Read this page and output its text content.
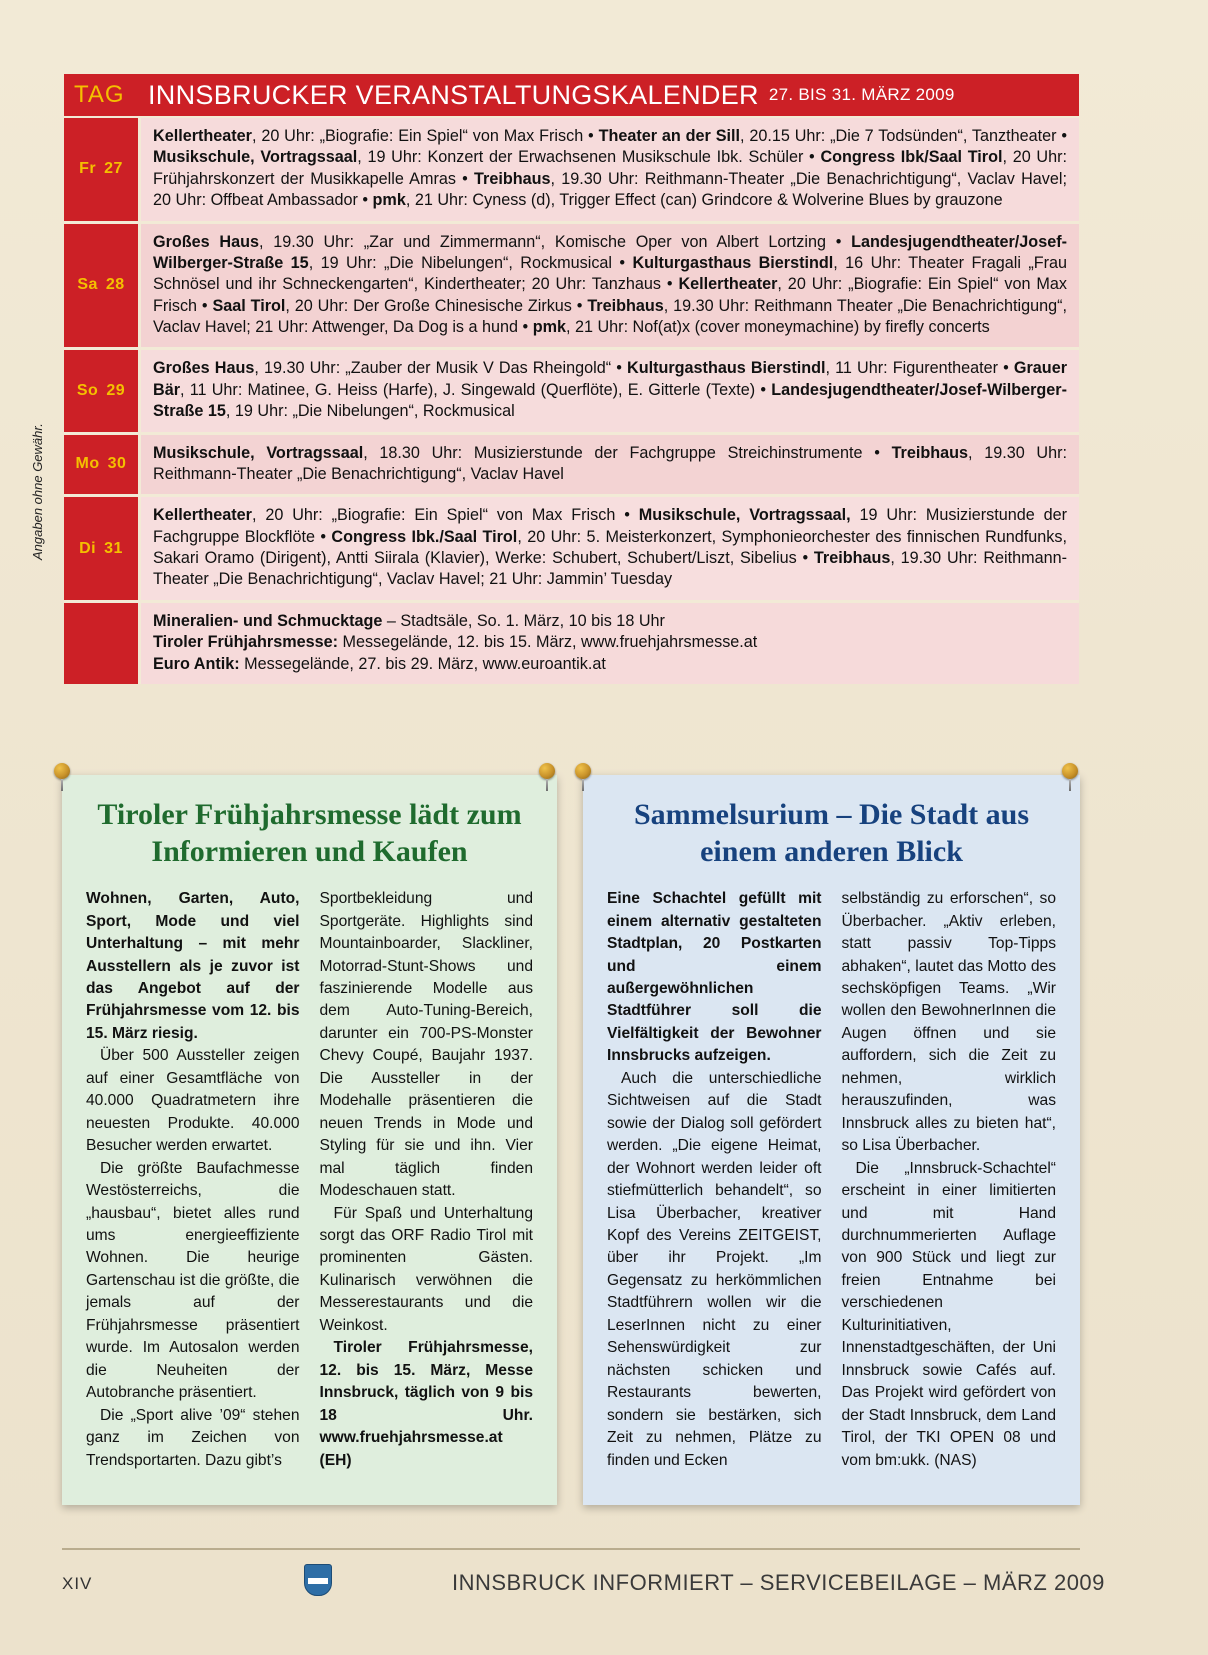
Angaben ohne Gewähr.
TAG INNSBRUCKER VERANSTALTUNGSKALENDER 27. BIS 31. MÄRZ 2009
Fr 27
Kellertheater, 20 Uhr: „Biografie: Ein Spiel“ von Max Frisch • Theater an der Sill, 20.15 Uhr: „Die 7 Todsünden“, Tanztheater • Musikschule, Vortragssaal, 19 Uhr: Konzert der Erwachsenen Musikschule Ibk. Schüler • Congress Ibk/Saal Tirol, 20 Uhr: Frühjahrskonzert der Musikkapelle Amras • Treibhaus, 19.30 Uhr: Reithmann-Theater „Die Benachrichtigung“, Vaclav Havel; 20 Uhr: Offbeat Ambassador • pmk, 21 Uhr: Cyness (d), Trigger Effect (can) Grindcore & Wolverine Blues by grauzone
Sa 28
Großes Haus, 19.30 Uhr: „Zar und Zimmermann“, Komische Oper von Albert Lortzing • Landesjugendtheater/Josef-Wilberger-Straße 15, 19 Uhr: „Die Nibelungen“, Rockmusical • Kulturgasthaus Bierstindl, 16 Uhr: Theater Fragali „Frau Schnösel und ihr Schneckengarten“, Kindertheater; 20 Uhr: Tanzhaus • Kellertheater, 20 Uhr: „Biografie: Ein Spiel“ von Max Frisch • Saal Tirol, 20 Uhr: Der Große Chinesische Zirkus • Treibhaus, 19.30 Uhr: Reithmann Theater „Die Benachrichtigung“, Vaclav Havel; 21 Uhr: Attwenger, Da Dog is a hund • pmk, 21 Uhr: Nof(at)x (cover moneymachine) by firefly concerts
So 29
Großes Haus, 19.30 Uhr: „Zauber der Musik V Das Rheingold“ • Kulturgasthaus Bierstindl, 11 Uhr: Figurentheater • Grauer Bär, 11 Uhr: Matinee, G. Heiss (Harfe), J. Singewald (Querflöte), E. Gitterle (Texte) • Landesjugendtheater/Josef-Wilberger-Straße 15, 19 Uhr: „Die Nibelungen“, Rockmusical
Mo 30
Musikschule, Vortragssaal, 18.30 Uhr: Musizierstunde der Fachgruppe Streichinstrumente • Treibhaus, 19.30 Uhr: Reithmann-Theater „Die Benachrichtigung“, Vaclav Havel
Di 31
Kellertheater, 20 Uhr: „Biografie: Ein Spiel“ von Max Frisch • Musikschule, Vortragssaal, 19 Uhr: Musizierstunde der Fachgruppe Blockflöte • Congress Ibk./Saal Tirol, 20 Uhr: 5. Meisterkonzert, Symphonieorchester des finnischen Rundfunks, Sakari Oramo (Dirigent), Antti Siirala (Klavier), Werke: Schubert, Schubert/Liszt, Sibelius • Treibhaus, 19.30 Uhr: Reithmann-Theater „Die Benachrichtigung“, Vaclav Havel; 21 Uhr: Jammin’ Tuesday
Mineralien- und Schmucktage – Stadtsäle, So. 1. März, 10 bis 18 Uhr
Tiroler Frühjahrsmesse: Messegelände, 12. bis 15. März, www.fruehjahrsmesse.at
Euro Antik: Messegelände, 27. bis 29. März, www.euroantik.at
Tiroler Frühjahrsmesse lädt zum Informieren und Kaufen

Wohnen, Garten, Auto, Sport, Mode und viel Unterhaltung – mit mehr Ausstellern als je zuvor ist das Angebot auf der Frühjahrsmesse vom 12. bis 15. März riesig.

Über 500 Aussteller zeigen auf einer Gesamtfläche von 40.000 Quadratmetern ihre neuesten Produkte. 40.000 Besucher werden erwartet.

Die größte Baufachmesse Westösterreichs, die „hausbau“, bietet alles rund ums energieeffiziente Wohnen. Die heurige Gartenschau ist die größte, die jemals auf der Frühjahrsmesse präsentiert wurde. Im Autosalon werden die Neuheiten der Autobranche präsentiert.

Die „Sport alive ’09“ stehen ganz im Zeichen von Trendsportarten. Dazu gibt’s

Sportbekleidung und Sportgeräte. Highlights sind Mountainboarder, Slackliner, Motorrad-Stunt-Shows und faszinierende Modelle aus dem Auto-Tuning-Bereich, darunter ein 700-PS-Monster Chevy Coupé, Baujahr 1937. Die Aussteller in der Modehalle präsentieren die neuen Trends in Mode und Styling für sie und ihn. Vier mal täglich finden Modeschauen statt.

Für Spaß und Unterhaltung sorgt das ORF Radio Tirol mit prominenten Gästen. Kulinarisch verwöhnen die Messerestaurants und die Weinkost.

Tiroler Frühjahrsmesse, 12. bis 15. März, Messe Innsbruck, täglich von 9 bis 18 Uhr. www.fruehjahrsmesse.at (EH)

Sammelsurium – Die Stadt aus einem anderen Blick

Eine Schachtel gefüllt mit einem alternativ gestalteten Stadtplan, 20 Postkarten und einem außergewöhnlichen Stadtführer soll die Vielfältigkeit der Bewohner Innsbrucks aufzeigen.

Auch die unterschiedliche Sichtweisen auf die Stadt sowie der Dialog soll gefördert werden. „Die eigene Heimat, der Wohnort werden leider oft stiefmütterlich behandelt“, so Lisa Überbacher, kreativer Kopf des Vereins ZEITGEIST, über ihr Projekt. „Im Gegensatz zu herkömmlichen Stadtführern wollen wir die LeserInnen nicht zu einer Sehenswürdigkeit zur nächsten schicken und Restaurants bewerten, sondern sie bestärken, sich Zeit zu nehmen, Plätze zu finden und Ecken

selbständig zu erforschen“, so Überbacher. „Aktiv erleben, statt passiv Top-Tipps abhaken“, lautet das Motto des sechsköpfigen Teams. „Wir wollen den BewohnerInnen die Augen öffnen und sie auffordern, sich die Zeit zu nehmen, wirklich herauszufinden, was Innsbruck alles zu bieten hat“, so Lisa Überbacher.

Die „Innsbruck-Schachtel“ erscheint in einer limitierten und mit Hand durchnummerierten Auflage von 900 Stück und liegt zur freien Entnahme bei verschiedenen Kulturinitiativen, Innenstadtgeschäften, der Uni Innsbruck sowie Cafés auf. Das Projekt wird gefördert von der Stadt Innsbruck, dem Land Tirol, der TKI OPEN 08 und vom bm:ukk. (NAS)

XIV	INNSBRUCK INFORMIERT – SERVICEBEILAGE – MÄRZ 2009
